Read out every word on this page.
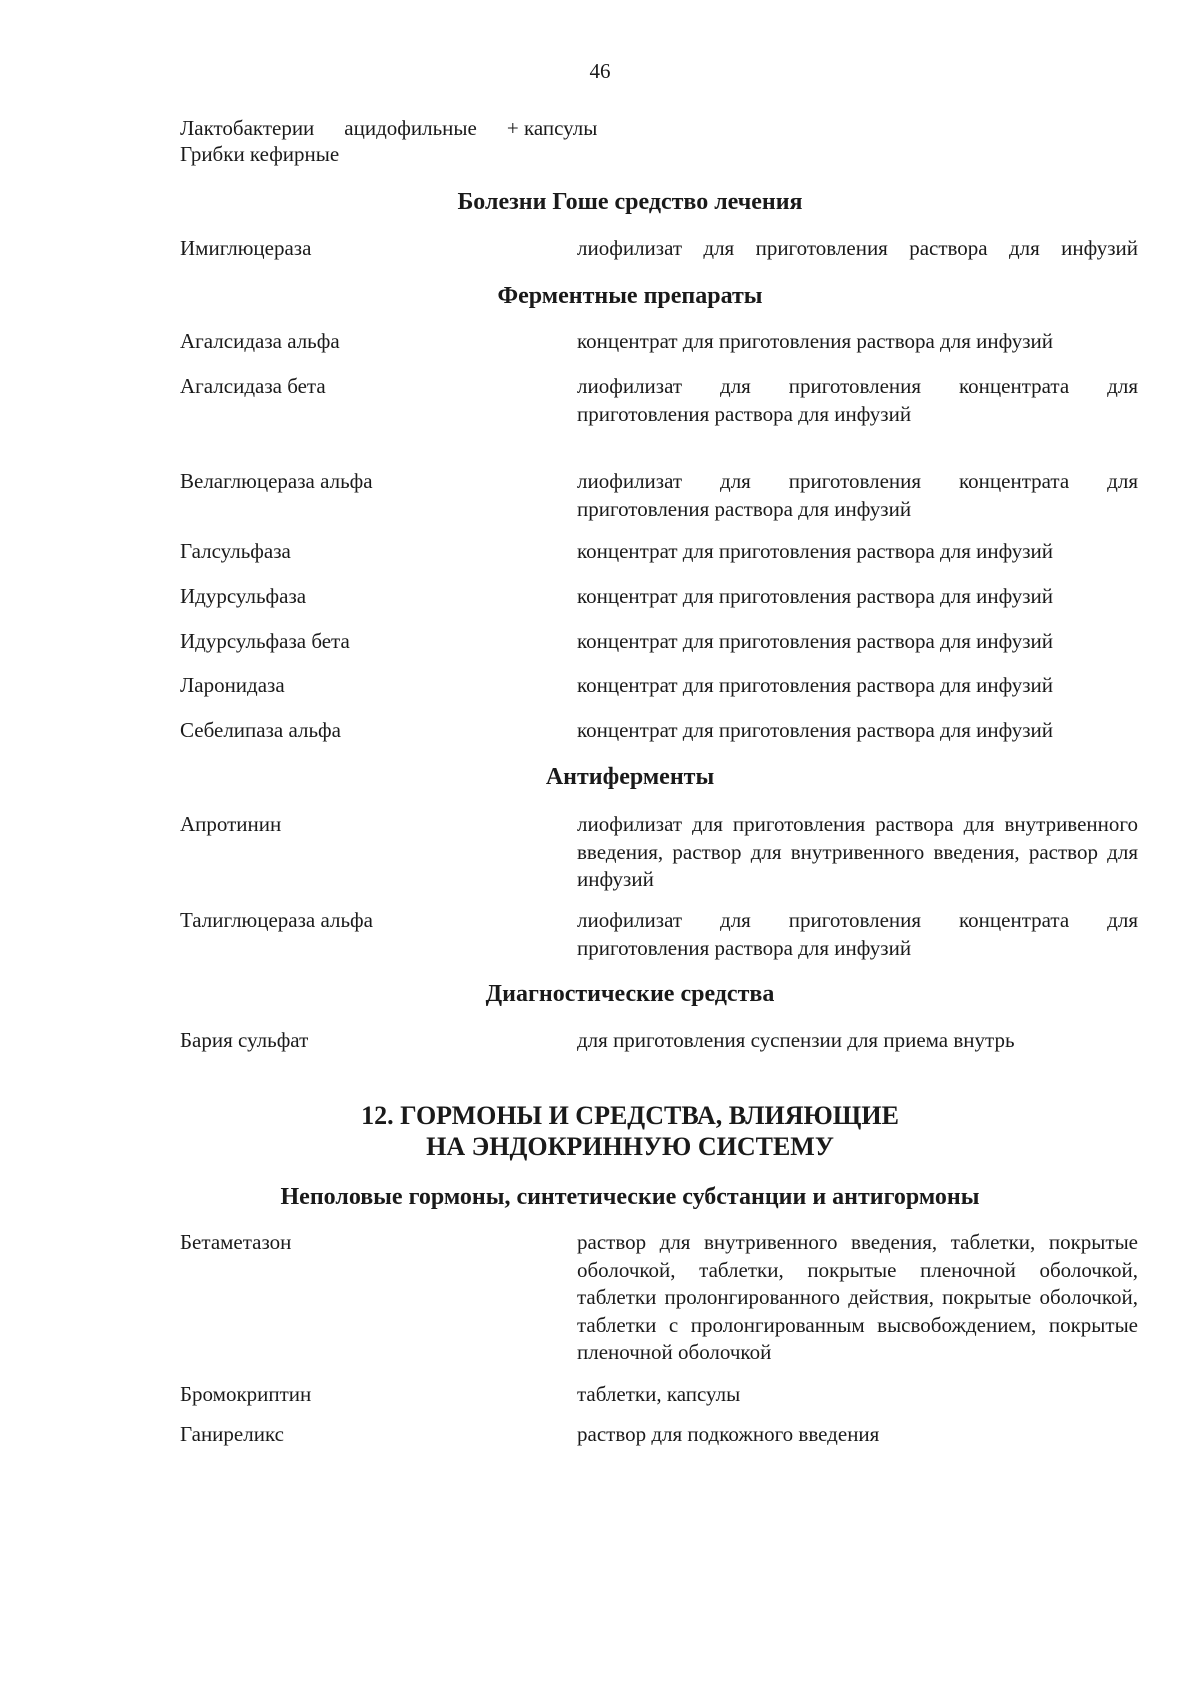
46
Лактобактерии ацидофильные + капсулы
Грибки кефирные
Болезни Гоше средство лечения
Имиглюцераза	лиофилизат для приготовления раствора для инфузий
Ферментные препараты
Агалсидаза альфа	концентрат для приготовления раствора для инфузий
Агалсидаза бета	лиофилизат для приготовления концентрата для приготовления раствора для инфузий
Велаглюцераза альфа	лиофилизат для приготовления концентрата для приготовления раствора для инфузий
Галсульфаза	концентрат для приготовления раствора для инфузий
Идурсульфаза	концентрат для приготовления раствора для инфузий
Идурсульфаза бета	концентрат для приготовления раствора для инфузий
Ларонидаза	концентрат для приготовления раствора для инфузий
Себелипаза альфа	концентрат для приготовления раствора для инфузий
Антиферменты
Апротинин	лиофилизат для приготовления раствора для внутривенного введения, раствор для внутривенного введения, раствор для инфузий
Талиглюцераза альфа	лиофилизат для приготовления концентрата для приготовления раствора для инфузий
Диагностические средства
Бария сульфат	для приготовления суспензии для приема внутрь
12. ГОРМОНЫ И СРЕДСТВА, ВЛИЯЮЩИЕ
НА ЭНДОКРИННУЮ СИСТЕМУ
Неполовые гормоны, синтетические субстанции и антигормоны
Бетаметазон	раствор для внутривенного введения, таблетки, покрытые оболочкой, таблетки, покрытые пленочной оболочкой, таблетки пролонгированного действия, покрытые оболочкой, таблетки с пролонгированным высвобождением, покрытые пленочной оболочкой
Бромокриптин	таблетки, капсулы
Ганиреликс	раствор для подкожного введения
